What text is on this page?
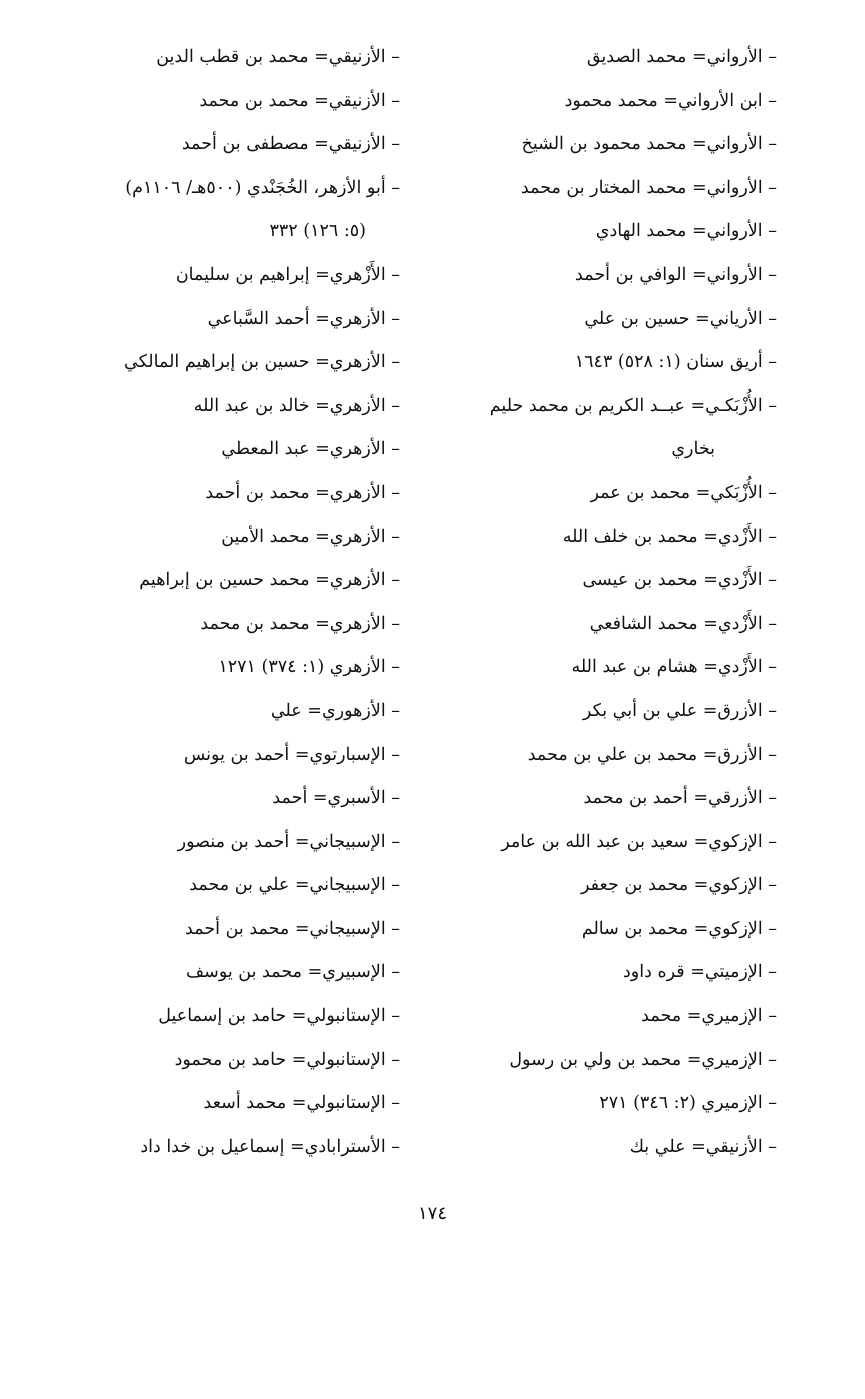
– الأرواني= محمد الصديق
– ابن الأرواني= محمد محمود
– الأرواني= محمد محمود بن الشيخ
– الأرواني= محمد المختار بن محمد
– الأرواني= محمد الهادي
– الأرواني= الوافي بن أحمد
– الأرياني= حسين بن علي
– أريق سنان (١: ٥٢٨) ١٦٤٣
– الأُزْبَكـي= عبــد الكريم بن محمد حليم
بخاري
– الأُزْبَكي= محمد بن عمر
– الأَزْدي= محمد بن خلف الله
– الأَزْدي= محمد بن عيسى
– الأَزْدي= محمد الشافعي
– الأَزْدي= هشام بن عبد الله
– الأزرق= علي بن أبي بكر
– الأزرق= محمد بن علي بن محمد
– الأزرقي= أحمد بن محمد
– الإزكوي= سعيد بن عبد الله بن عامر
– الإزكوي= محمد بن جعفر
– الإزكوي= محمد بن سالم
– الإزميتي= قره داود
– الإزميري= محمد
– الإزميري= محمد بن ولي بن رسول
– الإزميري (٢: ٣٤٦) ٢٧١
– الأزنيقي= علي بك
– الأزنيقي= محمد بن قطب الدين
– الأزنيقي= محمد بن محمد
– الأزنيقي= مصطفى بن أحمد
– أبو الأزهر، الخُجَنْدي (٥٠٠هـ/ ١١٠٦م)
(٥: ١٢٦) ٣٣٢
– الأَزْهري= إبراهيم بن سليمان
– الأزهري= أحمد السَّباعي
– الأزهري= حسين بن إبراهيم المالكي
– الأزهري= خالد بن عبد الله
– الأزهري= عبد المعطي
– الأزهري= محمد بن أحمد
– الأزهري= محمد الأمين
– الأزهري= محمد حسين بن إبراهيم
– الأزهري= محمد بن محمد
– الأزهري (١: ٣٧٤) ١٢٧١
– الأزهوري= علي
– الإسبارتوي= أحمد بن يونس
– الأسبري= أحمد
– الإسبيجاني= أحمد بن منصور
– الإسبيجاني= علي بن محمد
– الإسبيجاني= محمد بن أحمد
– الإسبيري= محمد بن يوسف
– الإستانبولي= حامد بن إسماعيل
– الإستانبولي= حامد بن محمود
– الإستانبولي= محمد أسعد
– الأسترابادي= إسماعيل بن خدا داد
١٧٤
